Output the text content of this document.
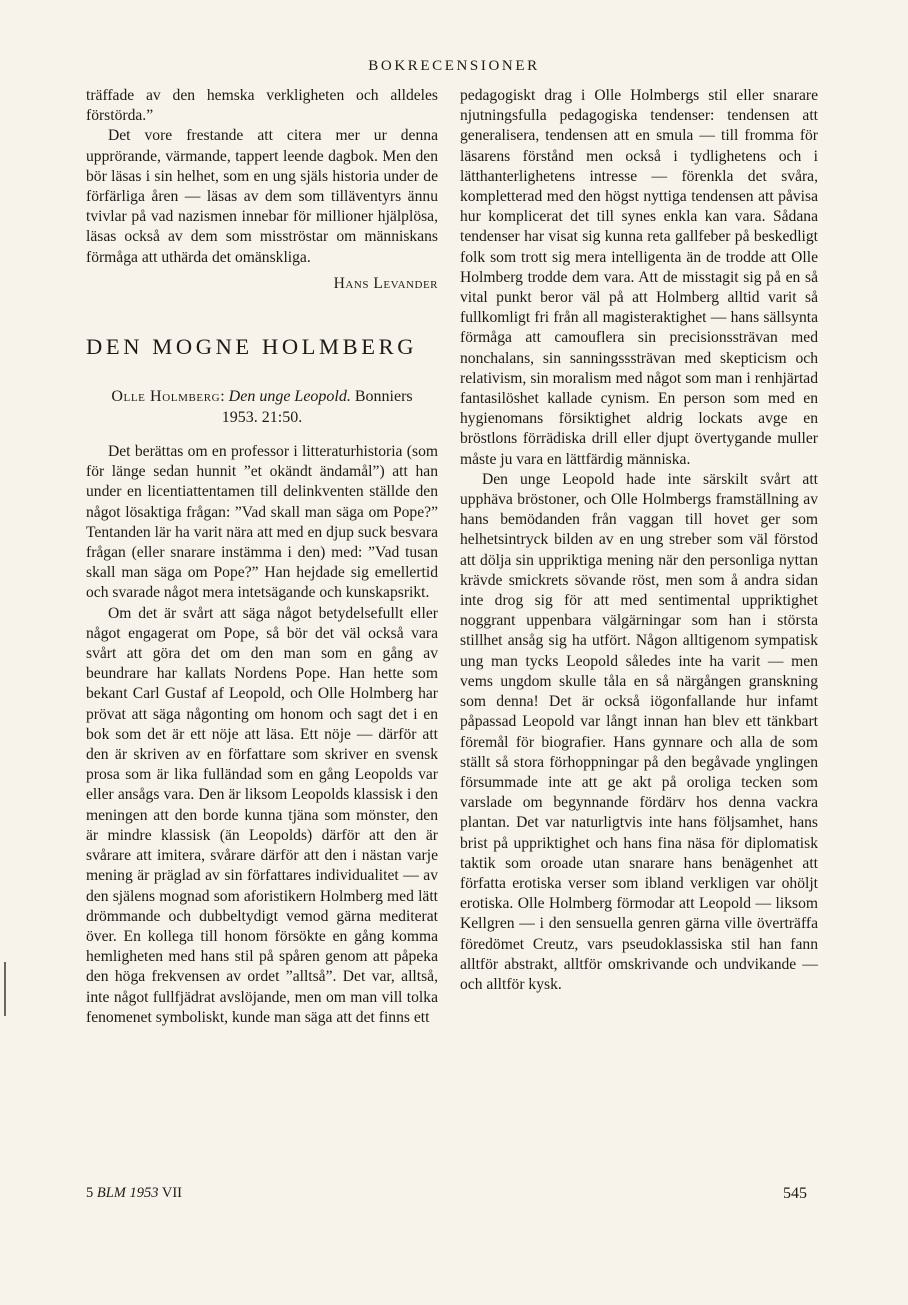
BOKRECENSIONER

träffade av den hemska verkligheten och alldeles förstörda.”

Det vore frestande att citera mer ur denna upprörande, värmande, tappert leende dagbok. Men den bör läsas i sin helhet, som en ung själs historia under de förfärliga åren — läsas av dem som tilläventyrs ännu tvivlar på vad nazismen innebar för millioner hjälplösa, läsas också av dem som misströstar om människans förmåga att uthärda det omänskliga.

Hans Levander
DEN MOGNE HOLMBERG
Olle Holmberg: Den unge Leopold. Bonniers 1953. 21:50.

Det berättas om en professor i litteraturhistoria (som för länge sedan hunnit ”et okändt ändamål”) att han under en licentiattentamen till delinkventen ställde den något lösaktiga frågan: ”Vad skall man säga om Pope?” Tentanden lär ha varit nära att med en djup suck besvara frågan (eller snarare instämma i den) med: ”Vad tusan skall man säga om Pope?” Han hejdade sig emellertid och svarade något mera intetsägande och kunskapsrikt.

Om det är svårt att säga något betydelsefullt eller något engagerat om Pope, så bör det väl också vara svårt att göra det om den man som en gång av beundrare har kallats Nordens Pope. Han hette som bekant Carl Gustaf af Leopold, och Olle Holmberg har prövat att säga någonting om honom och sagt det i en bok som det är ett nöje att läsa. Ett nöje — därför att den är skriven av en författare som skriver en svensk prosa som är lika fulländad som en gång Leopolds var eller ansågs vara. Den är liksom Leopolds klassisk i den meningen att den borde kunna tjäna som mönster, den är mindre klassisk (än Leopolds) därför att den är svårare att imitera, svårare därför att den i nästan varje mening är präglad av sin författares individualitet — av den själens mognad som aforistikern Holmberg med lätt drömmande och dubbeltydigt vemod gärna mediterat över. En kollega till honom försökte en gång komma hemligheten med hans stil på spåren genom att påpeka den höga frekvensen av ordet ”alltså”. Det var, alltså, inte något fullfjädrat avslöjande, men om man vill tolka fenomenet symboliskt, kunde man säga att det finns ett

pedagogiskt drag i Olle Holmbergs stil eller snarare njutningsfulla pedagogiska tendenser: tendensen att generalisera, tendensen att en smula — till fromma för läsarens förstånd men också i tydlighetens och i lätthanterlighetens intresse — förenkla det svåra, kompletterad med den högst nyttiga tendensen att påvisa hur komplicerat det till synes enkla kan vara. Sådana tendenser har visat sig kunna reta gallfeber på beskedligt folk som trott sig mera intelligenta än de trodde att Olle Holmberg trodde dem vara. Att de misstagit sig på en så vital punkt beror väl på att Holmberg alltid varit så fullkomligt fri från all magisteraktighet — hans sällsynta förmåga att camouflera sin precisionssträvan med nonchalans, sin sanningsssträvan med skepticism och relativism, sin moralism med något som man i renhjärtad fantasilöshet kallade cynism. En person som med en hygienomans försiktighet aldrig lockats avge en bröstlons förrädiska drill eller djupt övertygande muller måste ju vara en lättfärdig människa.

Den unge Leopold hade inte särskilt svårt att upphäva bröstoner, och Olle Holmbergs framställning av hans bemödanden från vaggan till hovet ger som helhetsintryck bilden av en ung streber som väl förstod att dölja sin uppriktiga mening när den personliga nyttan krävde smickrets sövande röst, men som å andra sidan inte drog sig för att med sentimental uppriktighet noggrant uppenbara välgärningar som han i största stillhet ansåg sig ha utfört. Någon alltigenom sympatisk ung man tycks Leopold således inte ha varit — men vems ungdom skulle tåla en så närgången granskning som denna! Det är också iögonfallande hur infamt påpassad Leopold var långt innan han blev ett tänkbart föremål för biografier. Hans gynnare och alla de som ställt så stora förhoppningar på den begåvade ynglingen försummade inte att ge akt på oroliga tecken som varslade om begynnande fördärv hos denna vackra plantan. Det var naturligtvis inte hans följsamhet, hans brist på uppriktighet och hans fina näsa för diplomatisk taktik som oroade utan snarare hans benägenhet att författa erotiska verser som ibland verkligen var ohöljt erotiska. Olle Holmberg förmodar att Leopold — liksom Kellgren — i den sensuella genren gärna ville överträffa föredömet Creutz, vars pseudoklassiska stil han fann alltför abstrakt, alltför omskrivande och undvikande — och alltför kysk.

5 BLM 1953 VII	545
